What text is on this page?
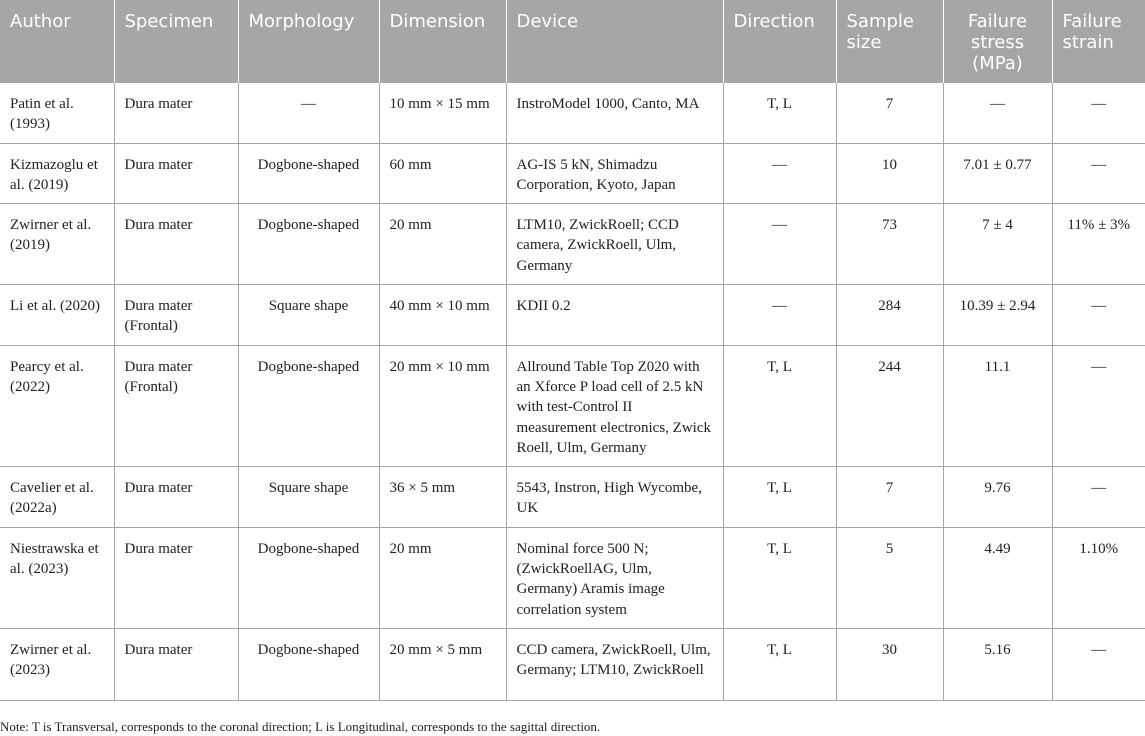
Author	Specimen	Morphology	Dimension	Device	Direction	Sample size	Failure stress (MPa)	Failure strain
Patin et al. (1993)	Dura mater	—	10 mm × 15 mm	InstroModel 1000, Canto, MA	T, L	7	—	—
Kizmazoglu et al. (2019)	Dura mater	Dogbone-shaped	60 mm	AG-IS 5 kN, Shimadzu Corporation, Kyoto, Japan	—	10	7.01 ± 0.77	—
Zwirner et al. (2019)	Dura mater	Dogbone-shaped	20 mm	LTM10, ZwickRoell; CCD camera, ZwickRoell, Ulm, Germany	—	73	7 ± 4	11% ± 3%
Li et al. (2020)	Dura mater (Frontal)	Square shape	40 mm × 10 mm	KDII 0.2	—	284	10.39 ± 2.94	—
Pearcy et al. (2022)	Dura mater (Frontal)	Dogbone-shaped	20 mm × 10 mm	Allround Table Top Z020 with an Xforce P load cell of 2.5 kN with test-Control II measurement electronics, Zwick Roell, Ulm, Germany	T, L	244	11.1	—
Cavelier et al. (2022a)	Dura mater	Square shape	36 × 5 mm	5543, Instron, High Wycombe, UK	T, L	7	9.76	—
Niestrawska et al. (2023)	Dura mater	Dogbone-shaped	20 mm	Nominal force 500 N; (ZwickRoellAG, Ulm, Germany) Aramis image correlation system	T, L	5	4.49	1.10%
Zwirner et al. (2023)	Dura mater	Dogbone-shaped	20 mm × 5 mm	CCD camera, ZwickRoell, Ulm, Germany; LTM10, ZwickRoell	T, L	30	5.16	—
Note: T is Transversal, corresponds to the coronal direction; L is Longitudinal, corresponds to the sagittal direction.
